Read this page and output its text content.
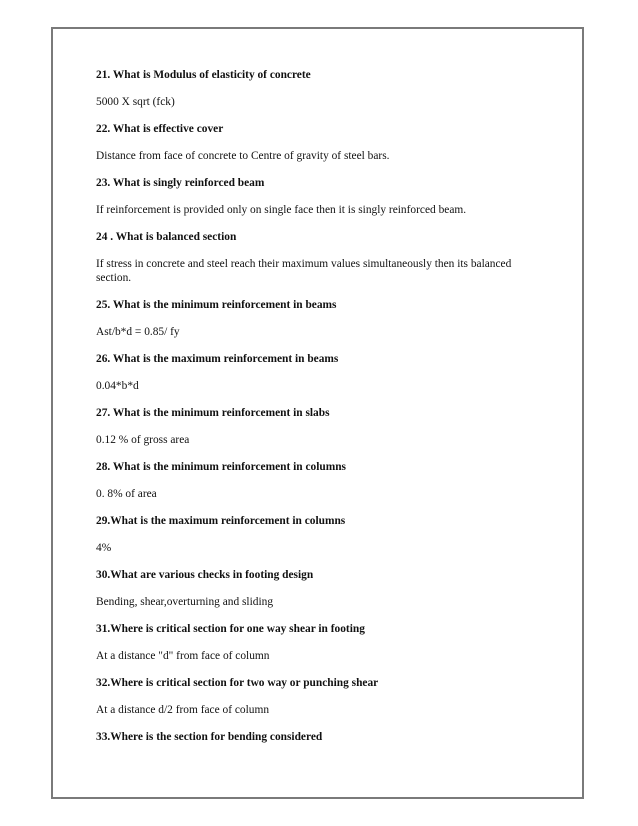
21. What is Modulus of elasticity of concrete

5000 X sqrt (fck)

22. What is effective cover

Distance from face of concrete to Centre of gravity of steel bars.

23. What is singly reinforced beam

If reinforcement is provided only on single face then it is singly reinforced beam.

24 . What is balanced section

If stress in concrete and steel reach their maximum values simultaneously then its balanced section.

25. What is the minimum reinforcement in beams

Ast/b*d = 0.85/ fy

26. What is the maximum reinforcement in beams

0.04*b*d

27. What is the minimum reinforcement in slabs

0.12 % of gross area

28. What is the minimum reinforcement in columns

0. 8% of area

29.What is the maximum reinforcement in columns

4%

30.What are various checks in footing design

Bending, shear,overturning and sliding

31.Where is critical section for one way shear in footing

At a distance "d" from face of column

32.Where is critical section for two way or punching shear

At a distance d/2 from face of column

33.Where is the section for bending considered
